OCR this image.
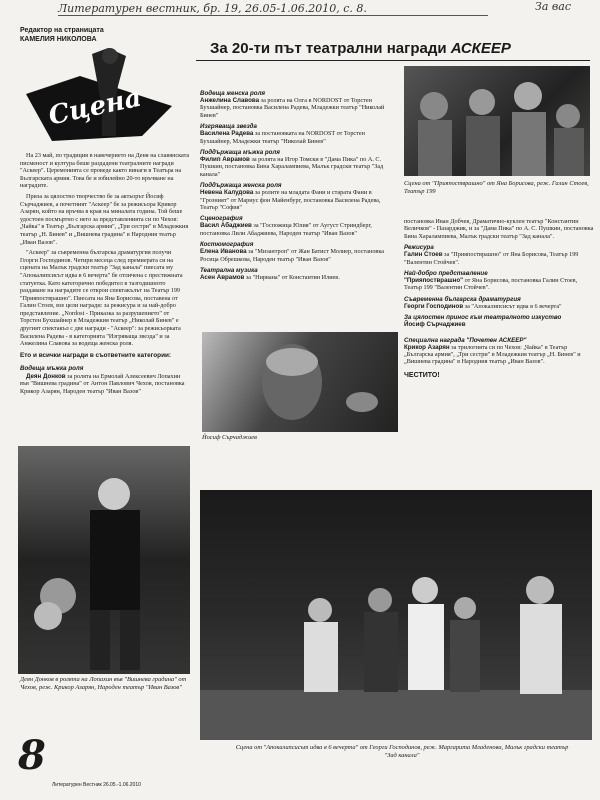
Литературен вестник, бр. 19, 26.05-1.06.2010, с. 8.	За вас
Редактор на страницата
КАМЕЛИЯ НИКОЛОВА
Сцена
За 20-ти път театрални награди АСКЕЕР

На 23 май, по традиция в навечерието на Деня на славянската писменост и култура беше раздадени театралните награди "Аскеер". Церемонията се проведе както винаги в Театъра на Българската армия. Това бе и юбилейно 20-то връчване на наградите.

Приза за цялостно творчество бе за актьорът Йосиф Сърчаджиев, а почетният "Аскеер" бе за режисьора Крикор Азарян, който на връчва в края на миналата година. Той беше удостоен посмъртно с него за представленията си по Чехов: „Чайка" в Театър „Българска армия", „Три сестри" в Младежкия театър „Н. Бинев" и „Вишнева градина" в Народния театър „Иван Вазов".

"Аскеер" за съвременна българска драматургия получи Георги Господинов. Четири месеца след премиерата си на сцената на Малък градски театър "Зад канала" пиесата му "Апокалипсисът идва в 6 вечерта" бе отличена с престижната статуетка. Като категорично победител в тазгодишното раздаване на наградите се открои спектакълът на Театър 199 "Прияпостврашно". Пиесата на Яна Борисова, поставена от Галин Стоев, взе цели награди: за режисура и за най-добро представление. „Nordost - Приказка за разрушението" от Торстен Бухшайнер в Младежкия театър „Николай Бинев" е другият спектакъл с две награди - "Аскеер": за режисьорката Василена Радева - в категорията "Изгряваща звезда" и за Анжелина Славова за водеща женска роля.

Ето и всички награди в съответните категории:
Водеща мъжка роля

Деян Донков за ролята на Ермолай Алексеевич Лопахин във "Вишнева градина" от Антон Павлович Чехов, постановка Крикор Азарян, Народен театър "Иван Вазов"

Водеща женска роля

Анжелина Славова за ролята на Олга в NORDOST от Торстен Бухшайнер, постановка Василена Радева, Младежки театър "Николай Бинев"

Изгряваща звезда

Василена Радева за постановката на NORDOST от Торстен Бухшайнер, Младежки театър "Николай Бинев"

Поддържаща мъжка роля

Филип Аврамов за ролята на Игор Томски в "Дама Пика" по А. С. Пушкин, постановка Бина Харалампиева, Малък градски театър "Зад канала"

Поддържаща женска роля

Невена Калудова за ролите на младата Фани и старата Фани в "Грозният" от Мариус фон Майенбург, постановка Василена Радева, Театър "София"

Сценография

Васил Абаджиев за "Госпожица Юлия" от Аугуст Стриндберг, постановка Лили Абаджиева, Народен театър "Иван Вазов"

Костюмография

Елена Иванова за "Мизантроп" от Жан Батист Молиер, постановка Росица Обрешкова, Народен театър "Иван Вазов"

Театрална музика

Асен Аврамов за "Нирвана" от Константин Илиев.

Сцена от "Прияпостврашно" от Яна Борисова, реж. Галин Стоев, Театър 199

постановка Иван Добчев, Драматично-куклен театър "Константин Величков" - Пазарджик, и за "Дама Пика" по А. С. Пушкин, постановка Бина Харалампиева, Малък градски театър "Зад канала".

Режисура

Галин Стоев за "Прияпостврашно" от Яна Борисова, Театър 199 "Валентин Стойчев".

Най-добро представление

"Прияпостврашно" от Яна Борисова, постановка Галин Стоев, Театър 199 "Валентин Стойчев".

Съвременна българска драматургия

Георги Господинов за "Апокалипсисът идва в 6 вечерта"

За цялостен принос към театралното изкуство

Йосиф Сърчаджиев

Специална награда "Почетен АСКЕЕР"

Крикор Азарян за трилогията си по Чехов: „Чайка" в Театър „Българска армия", „Три сестри" в Младежкия театър „Н. Бинев" и „Вишнева градина" в Народния театър „Иван Вазов".

ЧЕСТИТО!
Йосиф Сърчаджиев
Деян Донков в ролята на Лопахин във "Вишнева градина" от Чехов, реж. Крикор Азарян, Народен театър "Иван Вазов"
Сцена от "Апокалипсисът идва в 6 вечерта" от Георги Господинов, реж. Маргарита Младенова, Малък градски театър "Зад канала"
8
Литературен Вестник 26.05.-1.06.2010
